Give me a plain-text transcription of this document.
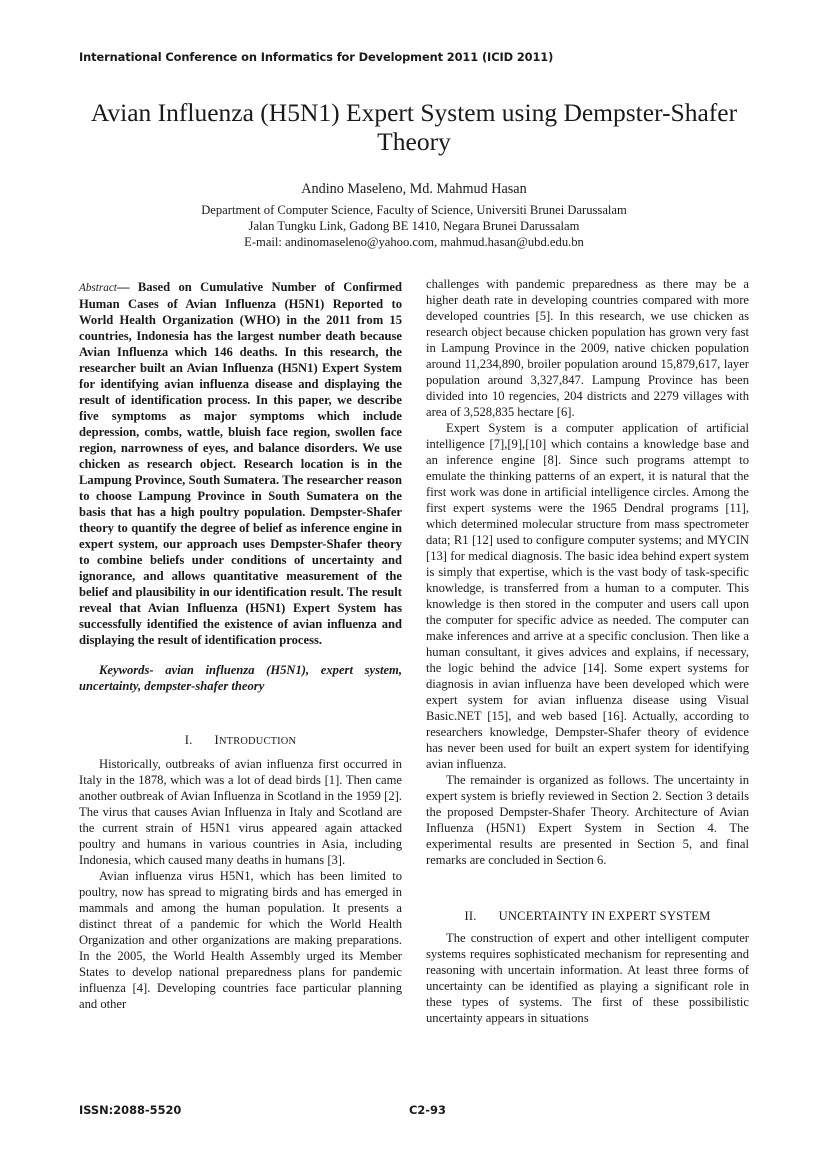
International Conference on Informatics for Development 2011 (ICID 2011)
Avian Influenza (H5N1) Expert System using Dempster-Shafer
Theory
Andino Maseleno, Md. Mahmud Hasan
Department of Computer Science, Faculty of Science, Universiti Brunei Darussalam
Jalan Tungku Link, Gadong BE 1410, Negara Brunei Darussalam
E-mail: andinomaseleno@yahoo.com, mahmud.hasan@ubd.edu.bn

Abstract— Based on Cumulative Number of Confirmed Human Cases of Avian Influenza (H5N1) Reported to World Health Organization (WHO) in the 2011 from 15 countries, Indonesia has the largest number death because Avian Influenza which 146 deaths. In this research, the researcher built an Avian Influenza (H5N1) Expert System for identifying avian influenza disease and displaying the result of identification process. In this paper, we describe five symptoms as major symptoms which include depression, combs, wattle, bluish face region, swollen face region, narrowness of eyes, and balance disorders. We use chicken as research object. Research location is in the Lampung Province, South Sumatera. The researcher reason to choose Lampung Province in South Sumatera on the basis that has a high poultry population. Dempster-Shafer theory to quantify the degree of belief as inference engine in expert system, our approach uses Dempster-Shafer theory to combine beliefs under conditions of uncertainty and ignorance, and allows quantitative measurement of the belief and plausibility in our identification result. The result reveal that Avian Influenza (H5N1) Expert System has successfully identified the existence of avian influenza and displaying the result of identification process.

Keywords- avian influenza (H5N1), expert system, uncertainty, dempster-shafer theory

I. INTRODUCTION

Historically, outbreaks of avian influenza first occurred in Italy in the 1878, which was a lot of dead birds [1]. Then came another outbreak of Avian Influenza in Scotland in the 1959 [2]. The virus that causes Avian Influenza in Italy and Scotland are the current strain of H5N1 virus appeared again attacked poultry and humans in various countries in Asia, including Indonesia, which caused many deaths in humans [3].

Avian influenza virus H5N1, which has been limited to poultry, now has spread to migrating birds and has emerged in mammals and among the human population. It presents a distinct threat of a pandemic for which the World Health Organization and other organizations are making preparations. In the 2005, the World Health Assembly urged its Member States to develop national preparedness plans for pandemic influenza [4]. Developing countries face particular planning and other

challenges with pandemic preparedness as there may be a higher death rate in developing countries compared with more developed countries [5]. In this research, we use chicken as research object because chicken population has grown very fast in Lampung Province in the 2009, native chicken population around 11,234,890, broiler population around 15,879,617, layer population around 3,327,847. Lampung Province has been divided into 10 regencies, 204 districts and 2279 villages with area of 3,528,835 hectare [6].

Expert System is a computer application of artificial intelligence [7],[9],[10] which contains a knowledge base and an inference engine [8]. Since such programs attempt to emulate the thinking patterns of an expert, it is natural that the first work was done in artificial intelligence circles. Among the first expert systems were the 1965 Dendral programs [11], which determined molecular structure from mass spectrometer data; R1 [12] used to configure computer systems; and MYCIN [13] for medical diagnosis. The basic idea behind expert system is simply that expertise, which is the vast body of task-specific knowledge, is transferred from a human to a computer. This knowledge is then stored in the computer and users call upon the computer for specific advice as needed. The computer can make inferences and arrive at a specific conclusion. Then like a human consultant, it gives advices and explains, if necessary, the logic behind the advice [14]. Some expert systems for diagnosis in avian influenza have been developed which were expert system for avian influenza disease using Visual Basic.NET [15], and web based [16]. Actually, according to researchers knowledge, Dempster-Shafer theory of evidence has never been used for built an expert system for identifying avian influenza.

The remainder is organized as follows. The uncertainty in expert system is briefly reviewed in Section 2. Section 3 details the proposed Dempster-Shafer Theory. Architecture of Avian Influenza (H5N1) Expert System in Section 4. The experimental results are presented in Section 5, and final remarks are concluded in Section 6.

II. UNCERTAINTY IN EXPERT SYSTEM

The construction of expert and other intelligent computer systems requires sophisticated mechanism for representing and reasoning with uncertain information. At least three forms of uncertainty can be identified as playing a significant role in these types of systems. The first of these possibilistic uncertainty appears in situations

ISSN:2088-5520	C2-93
